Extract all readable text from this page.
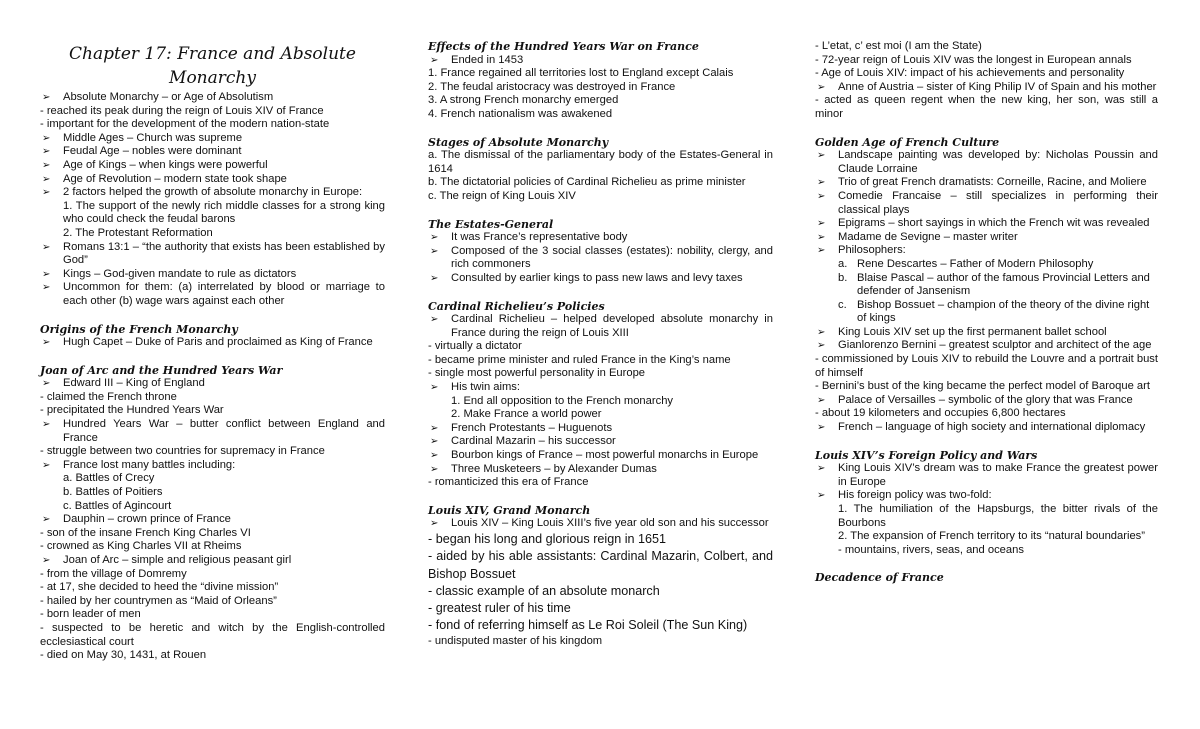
Chapter 17: France and Absolute Monarchy
➢ Absolute Monarchy – or Age of Absolutism
- reached its peak during the reign of Louis XIV of France
- important for the development of the modern nation-state
➢ Middle Ages – Church was supreme
➢ Feudal Age – nobles were dominant
➢ Age of Kings – when kings were powerful
➢ Age of Revolution – modern state took shape
➢ 2 factors helped the growth of absolute monarchy in Europe:
1. The support of the newly rich middle classes for a strong king who could check the feudal barons
2. The Protestant Reformation
➢ Romans 13:1 – “the authority that exists has been established by God”
➢ Kings – God-given mandate to rule as dictators
➢ Uncommon for them: (a) interrelated by blood or marriage to each other (b) wage wars against each other
Origins of the French Monarchy
➢ Hugh Capet – Duke of Paris and proclaimed as King of France
Joan of Arc and the Hundred Years War
➢ Edward III – King of England
- claimed the French throne
- precipitated the Hundred Years War
➢ Hundred Years War – butter conflict between England and France
- struggle between two countries for supremacy in France
➢ France lost many battles including:
a. Battles of Crecy
b. Battles of Poitiers
c. Battles of Agincourt
➢ Dauphin – crown prince of France
- son of the insane French King Charles VI
- crowned as King Charles VII at Rheims
➢ Joan of Arc – simple and religious peasant girl
- from the village of Domremy
- at 17, she decided to heed the “divine mission”
- hailed by her countrymen as “Maid of Orleans”
- born leader of men
- suspected to be heretic and witch by the English-controlled ecclesiastical court
- died on May 30, 1431, at Rouen
Effects of the Hundred Years War on France
➢ Ended in 1453
1. France regained all territories lost to England except Calais
2. The feudal aristocracy was destroyed in France
3. A strong French monarchy emerged
4. French nationalism was awakened
Stages of Absolute Monarchy
a. The dismissal of the parliamentary body of the Estates-General in 1614
b. The dictatorial policies of Cardinal Richelieu as prime minister
c. The reign of King Louis XIV
The Estates-General
➢ It was France’s representative body
➢ Composed of the 3 social classes (estates): nobility, clergy, and rich commoners
➢ Consulted by earlier kings to pass new laws and levy taxes
Cardinal Richelieu’s Policies
➢ Cardinal Richelieu – helped developed absolute monarchy in France during the reign of Louis XIII
- virtually a dictator
- became prime minister and ruled France in the King’s name
- single most powerful personality in Europe
➢ His twin aims:
1. End all opposition to the French monarchy
2. Make France a world power
➢ French Protestants – Huguenots
➢ Cardinal Mazarin – his successor
➢ Bourbon kings of France – most powerful monarchs in Europe
➢ Three Musketeers – by Alexander Dumas
- romanticized this era of France
Louis XIV, Grand Monarch
➢ Louis XIV – King Louis XIII’s five year old son and his successor
- began his long and glorious reign in 1651
- aided by his able assistants: Cardinal Mazarin, Colbert, and Bishop Bossuet
- classic example of an absolute monarch
- greatest ruler of his time
- fond of referring himself as Le Roi Soleil (The Sun King)
- undisputed master of his kingdom
- L’etat, c’ est moi (I am the State)
- 72-year reign of Louis XIV was the longest in European annals
- Age of Louis XIV: impact of his achievements and personality
➢ Anne of Austria – sister of King Philip IV of Spain and his mother
- acted as queen regent when the new king, her son, was still a minor
Golden Age of French Culture
➢ Landscape painting was developed by: Nicholas Poussin and Claude Lorraine
➢ Trio of great French dramatists: Corneille, Racine, and Moliere
➢ Comedie Francaise – still specializes in performing their classical plays
➢ Epigrams – short sayings in which the French wit was revealed
➢ Madame de Sevigne – master writer
➢ Philosophers:
a. Rene Descartes – Father of Modern Philosophy
b. Blaise Pascal – author of the famous Provincial Letters and defender of Jansenism
c. Bishop Bossuet – champion of the theory of the divine right of kings
➢ King Louis XIV set up the first permanent ballet school
➢ Gianlorenzo Bernini – greatest sculptor and architect of the age
- commissioned by Louis XIV to rebuild the Louvre and a portrait bust of himself
- Bernini’s bust of the king became the perfect model of Baroque art
➢ Palace of Versailles – symbolic of the glory that was France
- about 19 kilometers and occupies 6,800 hectares
➢ French – language of high society and international diplomacy
Louis XIV’s Foreign Policy and Wars
➢ King Louis XIV’s dream was to make France the greatest power in Europe
➢ His foreign policy was two-fold:
1. The humiliation of the Hapsburgs, the bitter rivals of the Bourbons
2. The expansion of French territory to its “natural boundaries”
- mountains, rivers, seas, and oceans
Decadence of France
